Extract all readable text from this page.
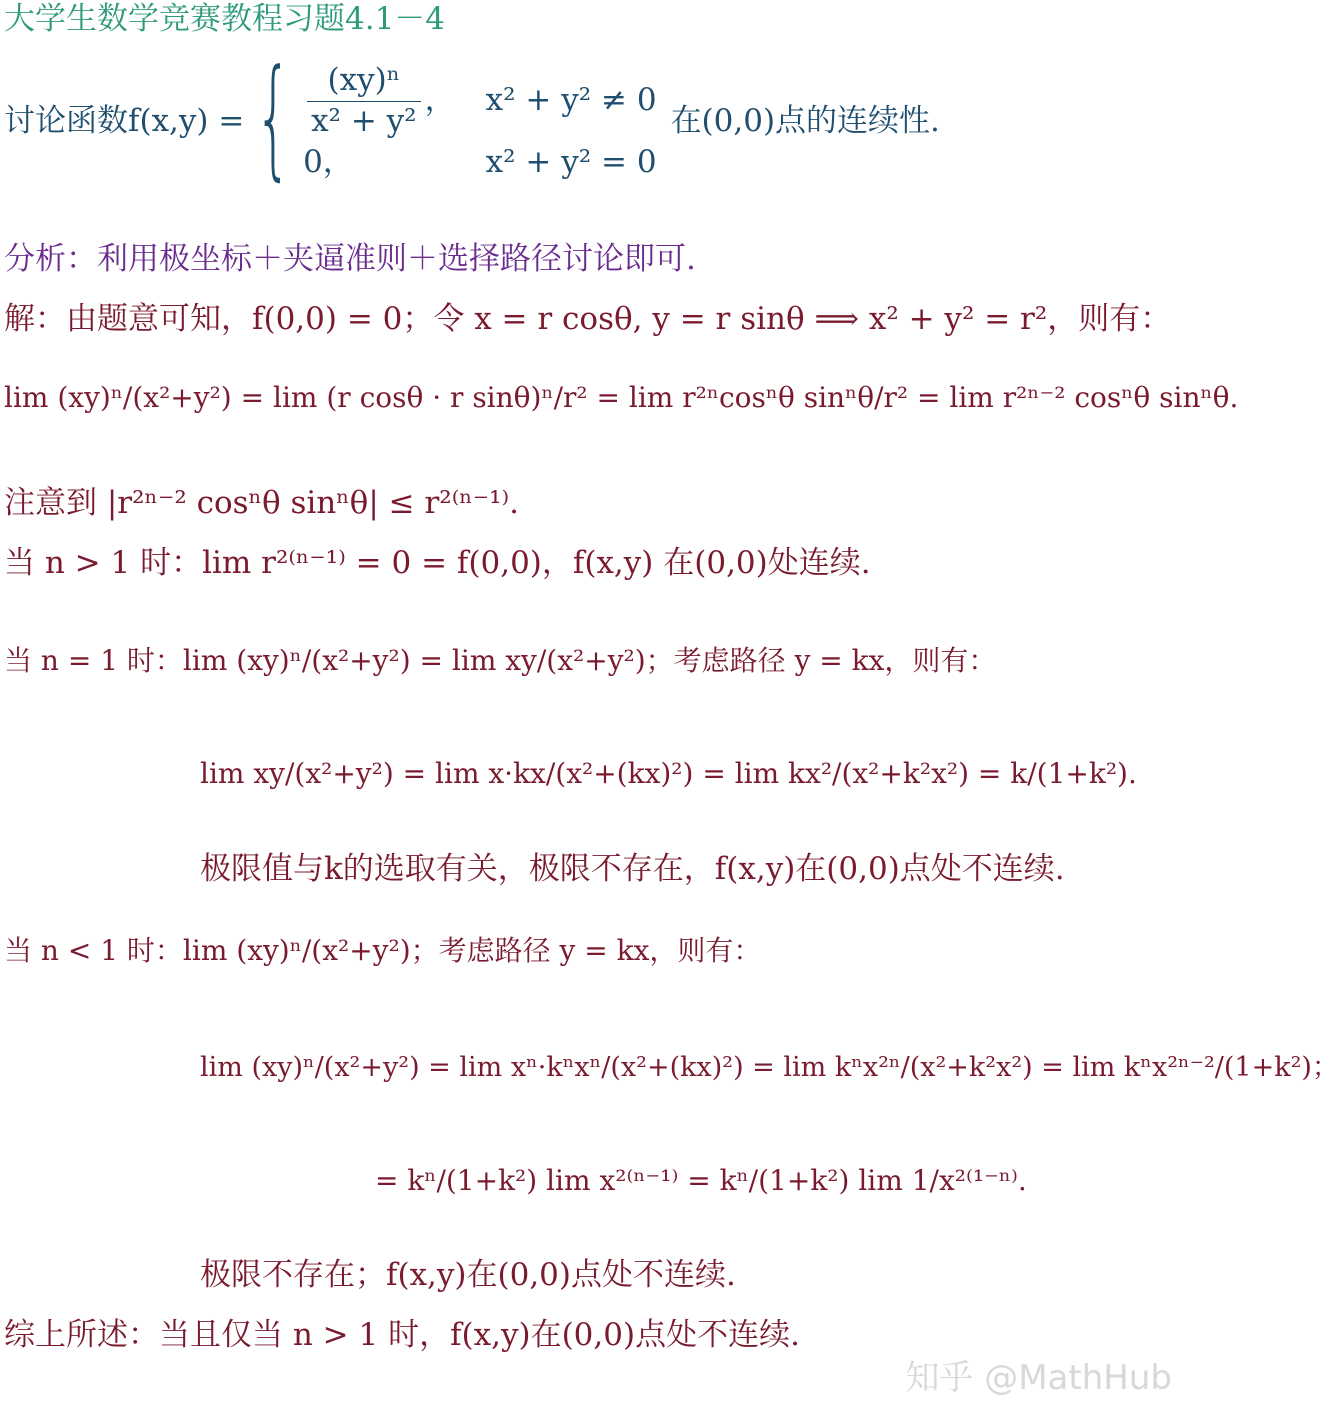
大学生数学竞赛教程习题4.1－4
讨论函数 f(x,y) = { $\frac{\text{(xy)ⁿ}}{\text{x² + y²}}$ ， x² + y² ≠ 0
0，	x² + y² = 0
在(0,0)点的连续性.
分析：利用极坐标＋夹逼准则＋选择路径讨论即可.
解：由题意可知，f(0,0) = 0；令 x = r cosθ, y = r sinθ ⟹ x² + y² = r²，则有：
lim (xy)ⁿ/(x²+y²) = lim (r cosθ · r sinθ)ⁿ/r² = lim r²ⁿcosⁿθ sinⁿθ/r² = lim r²ⁿ⁻² cosⁿθ sinⁿθ.
注意到 |r²ⁿ⁻² cosⁿθ sinⁿθ| ≤ r²⁽ⁿ⁻¹⁾.
当 n > 1 时：lim r²⁽ⁿ⁻¹⁾ = 0 = f(0,0)，f(x,y) 在(0,0)处连续.
当 n = 1 时：lim (xy)ⁿ/(x²+y²) = lim xy/(x²+y²)；考虑路径 y = kx，则有：
lim xy/(x²+y²) = lim x·kx/(x²+(kx)²) = lim kx²/(x²+k²x²) = k/(1+k²).
极限值与k的选取有关，极限不存在，f(x,y)在(0,0)点处不连续.
当 n < 1 时：lim (xy)ⁿ/(x²+y²)；考虑路径 y = kx，则有：
lim (xy)ⁿ/(x²+y²) = lim xⁿ·kⁿxⁿ/(x²+(kx)²) = lim kⁿx²ⁿ/(x²+k²x²) = lim kⁿx²ⁿ⁻²/(1+k²)；
= kⁿ/(1+k²) lim x²⁽ⁿ⁻¹⁾ = kⁿ/(1+k²) lim 1/x²⁽¹⁻ⁿ⁾.
极限不存在；f(x,y)在(0,0)点处不连续.
综上所述：当且仅当 n > 1 时，f(x,y)在(0,0)点处不连续.
知乎 @MathHub
